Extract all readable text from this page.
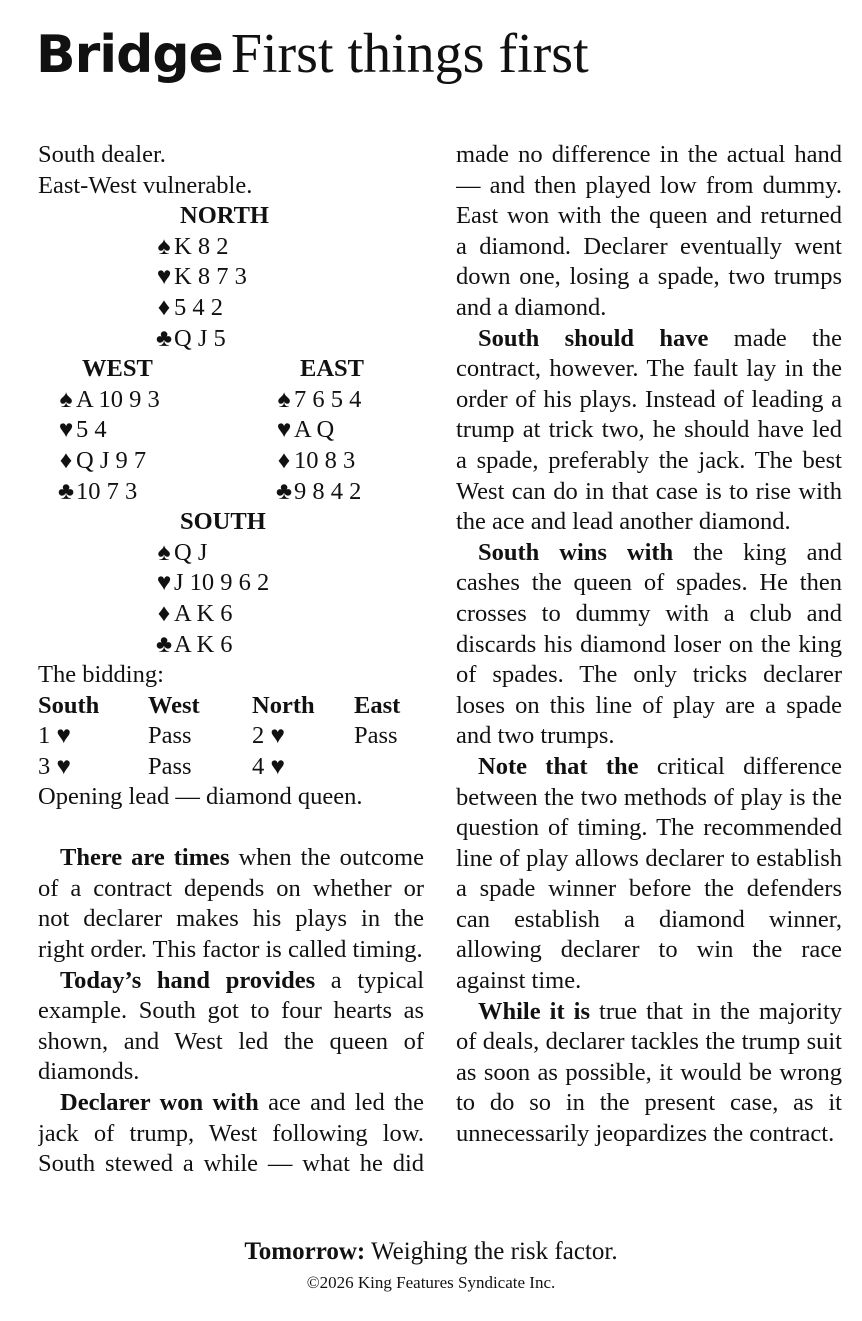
Bridge First things first
South dealer.
East-West vulnerable.
NORTH
♠ K 8 2
♥ K 8 7 3
♦ 5 4 2
♣Q J 5
WEST
♠ A 10 9 3
♥ 5 4
♦ Q J 9 7
♣10 7 3
EAST
♠ 7 6 5 4
♥ A Q
♦ 10 8 3
♣9 8 4 2
SOUTH
♠ Q J
♥ J 10 9 6 2
♦ A K 6
♣A K 6
The bidding:
South West North East
1 ♥	Pass 2 ♥	Pass
3 ♥	Pass 4 ♥
Opening lead — diamond queen.

There are times when the outcome of a contract depends on whether or not declarer makes his plays in the right order. This factor is called timing.

Today’s hand provides a typical example. South got to four hearts as shown, and West led the queen of diamonds.

Declarer won with ace and led the jack of trump, West following low. South stewed a while — what he did

made no difference in the actual hand — and then played low from dummy. East won with the queen and returned a diamond. Declarer eventually went down one, losing a spade, two trumps and a diamond.

South should have made the contract, however. The fault lay in the order of his plays. Instead of leading a trump at trick two, he should have led a spade, preferably the jack. The best West can do in that case is to rise with the ace and lead another diamond.

South wins with the king and cashes the queen of spades. He then crosses to dummy with a club and discards his diamond loser on the king of spades. The only tricks declarer loses on this line of play are a spade and two trumps.

Note that the critical difference between the two methods of play is the question of timing. The recommended line of play allows declarer to establish a spade winner before the defenders can establish a diamond winner, allowing declarer to win the race against time.

While it is true that in the majority of deals, declarer tackles the trump suit as soon as possible, it would be wrong to do so in the present case, as it unnecessarily jeopardizes the contract.

Tomorrow: Weighing the risk factor.
©2026 King Features Syndicate Inc.
